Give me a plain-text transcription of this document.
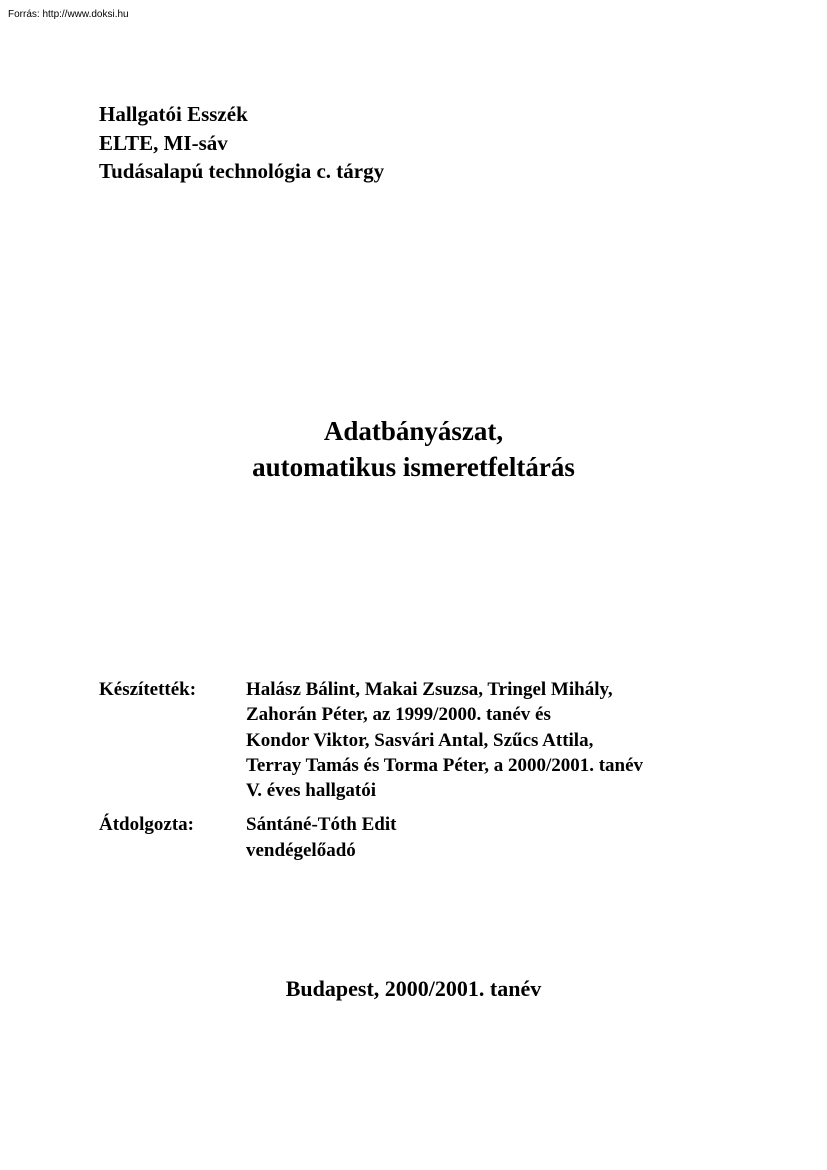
Forrás: http://www.doksi.hu
Hallgatói Esszék
ELTE, MI-sáv
Tudásalapú technológia c. tárgy
Adatbányászat,
automatikus ismeretfeltárás
Készítették:	Halász Bálint, Makai Zsuzsa, Tringel Mihály,
Zahorán Péter, az 1999/2000. tanév és
Kondor Viktor, Sasvári Antal, Szűcs Attila,
Terray Tamás és Torma Péter, a 2000/2001. tanév
V. éves hallgatói
Átdolgozta:	Sántáné-Tóth Edit
vendégelőadó
Budapest, 2000/2001. tanév
